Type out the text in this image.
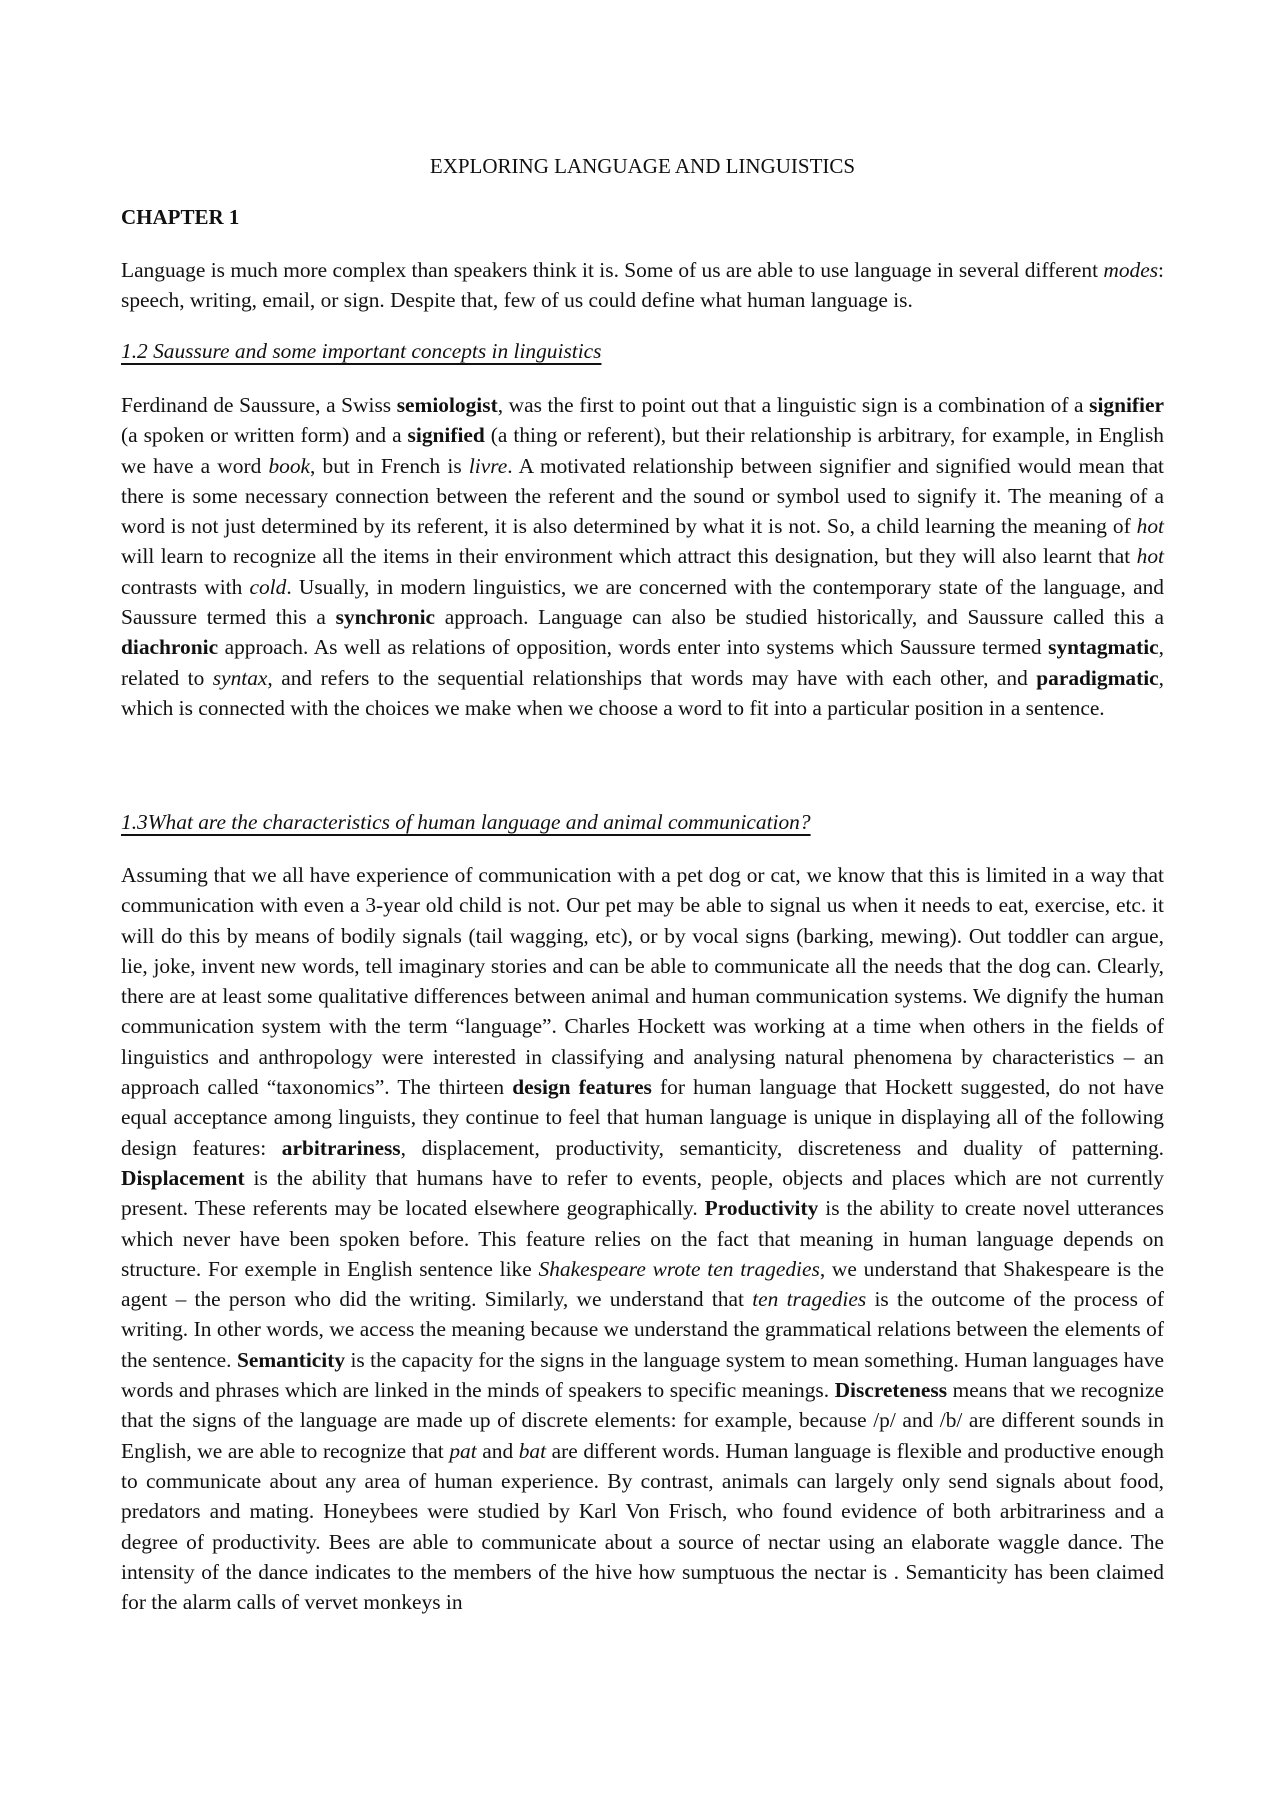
EXPLORING LANGUAGE AND LINGUISTICS
CHAPTER 1

Language is much more complex than speakers think it is. Some of us are able to use language in several different modes: speech, writing, email, or sign. Despite that, few of us could define what human language is.

1.2 Saussure and some important concepts in linguistics

Ferdinand de Saussure, a Swiss semiologist, was the first to point out that a linguistic sign is a combination of a signifier (a spoken or written form) and a signified (a thing or referent), but their relationship is arbitrary, for example, in English we have a word book, but in French is livre. A motivated relationship between signifier and signified would mean that there is some necessary connection between the referent and the sound or symbol used to signify it. The meaning of a word is not just determined by its referent, it is also determined by what it is not. So, a child learning the meaning of hot will learn to recognize all the items in their environment which attract this designation, but they will also learnt that hot contrasts with cold. Usually, in modern linguistics, we are concerned with the contemporary state of the language, and Saussure termed this a synchronic approach. Language can also be studied historically, and Saussure called this a diachronic approach. As well as relations of opposition, words enter into systems which Saussure termed syntagmatic, related to syntax, and refers to the sequential relationships that words may have with each other, and paradigmatic, which is connected with the choices we make when we choose a word to fit into a particular position in a sentence.

1.3What are the characteristics of human language and animal communication?

Assuming that we all have experience of communication with a pet dog or cat, we know that this is limited in a way that communication with even a 3-year old child is not. Our pet may be able to signal us when it needs to eat, exercise, etc. it will do this by means of bodily signals (tail wagging, etc), or by vocal signs (barking, mewing). Out toddler can argue, lie, joke, invent new words, tell imaginary stories and can be able to communicate all the needs that the dog can. Clearly, there are at least some qualitative differences between animal and human communication systems. We dignify the human communication system with the term “language”. Charles Hockett was working at a time when others in the fields of linguistics and anthropology were interested in classifying and analysing natural phenomena by characteristics – an approach called “taxonomics”. The thirteen design features for human language that Hockett suggested, do not have equal acceptance among linguists, they continue to feel that human language is unique in displaying all of the following design features: arbitrariness, displacement, productivity, semanticity, discreteness and duality of patterning. Displacement is the ability that humans have to refer to events, people, objects and places which are not currently present. These referents may be located elsewhere geographically. Productivity is the ability to create novel utterances which never have been spoken before. This feature relies on the fact that meaning in human language depends on structure. For exemple in English sentence like Shakespeare wrote ten tragedies, we understand that Shakespeare is the agent – the person who did the writing. Similarly, we understand that ten tragedies is the outcome of the process of writing. In other words, we access the meaning because we understand the grammatical relations between the elements of the sentence. Semanticity is the capacity for the signs in the language system to mean something. Human languages have words and phrases which are linked in the minds of speakers to specific meanings. Discreteness means that we recognize that the signs of the language are made up of discrete elements: for example, because /p/ and /b/ are different sounds in English, we are able to recognize that pat and bat are different words. Human language is flexible and productive enough to communicate about any area of human experience. By contrast, animals can largely only send signals about food, predators and mating. Honeybees were studied by Karl Von Frisch, who found evidence of both arbitrariness and a degree of productivity. Bees are able to communicate about a source of nectar using an elaborate waggle dance. The intensity of the dance indicates to the members of the hive how sumptuous the nectar is . Semanticity has been claimed for the alarm calls of vervet monkeys in
